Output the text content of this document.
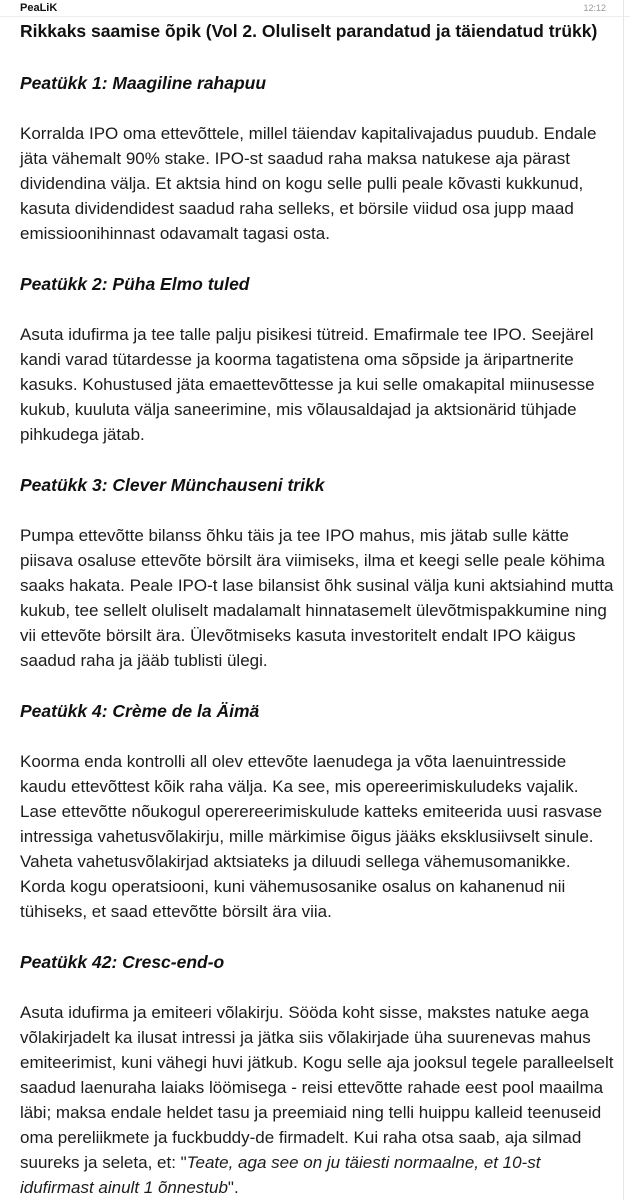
PeaLiK	12:12
Rikkaks saamise õpik (Vol 2. Oluliselt parandatud ja täiendatud trükk)
Peatükk 1: Maagiline rahapuu

Korralda IPO oma ettevõttele, millel täiendav kapitalivajadus puudub. Endale jäta vähemalt 90% stake. IPO-st saadud raha maksa natukese aja pärast dividendina välja. Et aktsia hind on kogu selle pulli peale kõvasti kukkunud, kasuta dividendidest saadud raha selleks, et börsile viidud osa jupp maad emissioonihinnast odavamalt tagasi osta.

Peatükk 2: Püha Elmo tuled

Asuta idufirma ja tee talle palju pisikesi tütreid. Emafirmale tee IPO. Seejärel kandi varad tütardesse ja koorma tagatistena oma sõpside ja äripartnerite kasuks. Kohustused jäta emaettevõttesse ja kui selle omakapital miinusesse kukub, kuuluta välja saneerimine, mis võlausaldajad ja aktsionärid tühjade pihkudega jätab.

Peatükk 3: Clever Münchauseni trikk

Pumpa ettevõtte bilanss õhku täis ja tee IPO mahus, mis jätab sulle kätte piisava osaluse ettevõte börsilt ära viimiseks, ilma et keegi selle peale köhima saaks hakata. Peale IPO-t lase bilansist õhk susinal välja kuni aktsiahind mutta kukub, tee sellelt oluliselt madalamalt hinnatasemelt ülevõtmispakkumine ning vii ettevõte börsilt ära. Ülevõtmiseks kasuta investoritelt endalt IPO käigus saadud raha ja jääb tublisti ülegi.

Peatükk 4: Crème de la Äimä

Koorma enda kontrolli all olev ettevõte laenudega ja võta laenuintresside kaudu ettevõttest kõik raha välja. Ka see, mis opereerimiskuludeks vajalik. Lase ettevõtte nõukogul operereerimiskulude katteks emiteerida uusi rasvase intressiga vahetusvõlakirju, mille märkimise õigus jääks eksklusiivselt sinule. Vaheta vahetusvõlakirjad aktsiateks ja diluudi sellega vähemusomanikke. Korda kogu operatsiooni, kuni vähemusosanike osalus on kahanenud nii tühiseks, et saad ettevõtte börsilt ära viia.

Peatükk 42: Cresc-end-o

Asuta idufirma ja emiteeri võlakirju. Sööda koht sisse, makstes natuke aega võlakirjadelt ka ilusat intressi ja jätka siis võlakirjade üha suurenevas mahus emiteerimist, kuni vähegi huvi jätkub. Kogu selle aja jooksul tegele paralleelselt saadud laenuraha laiaks löömisega - reisi ettevõtte rahade eest pool maailma läbi; maksa endale heldet tasu ja preemiaid ning telli huippu kalleid teenuseid oma pereliikmete ja fuckbuddy-de firmadelt. Kui raha otsa saab, aja silmad suureks ja seleta, et: "Teate, aga see on ju täiesti normaalne, et 10-st idufirmast ainult 1 õnnestub".
